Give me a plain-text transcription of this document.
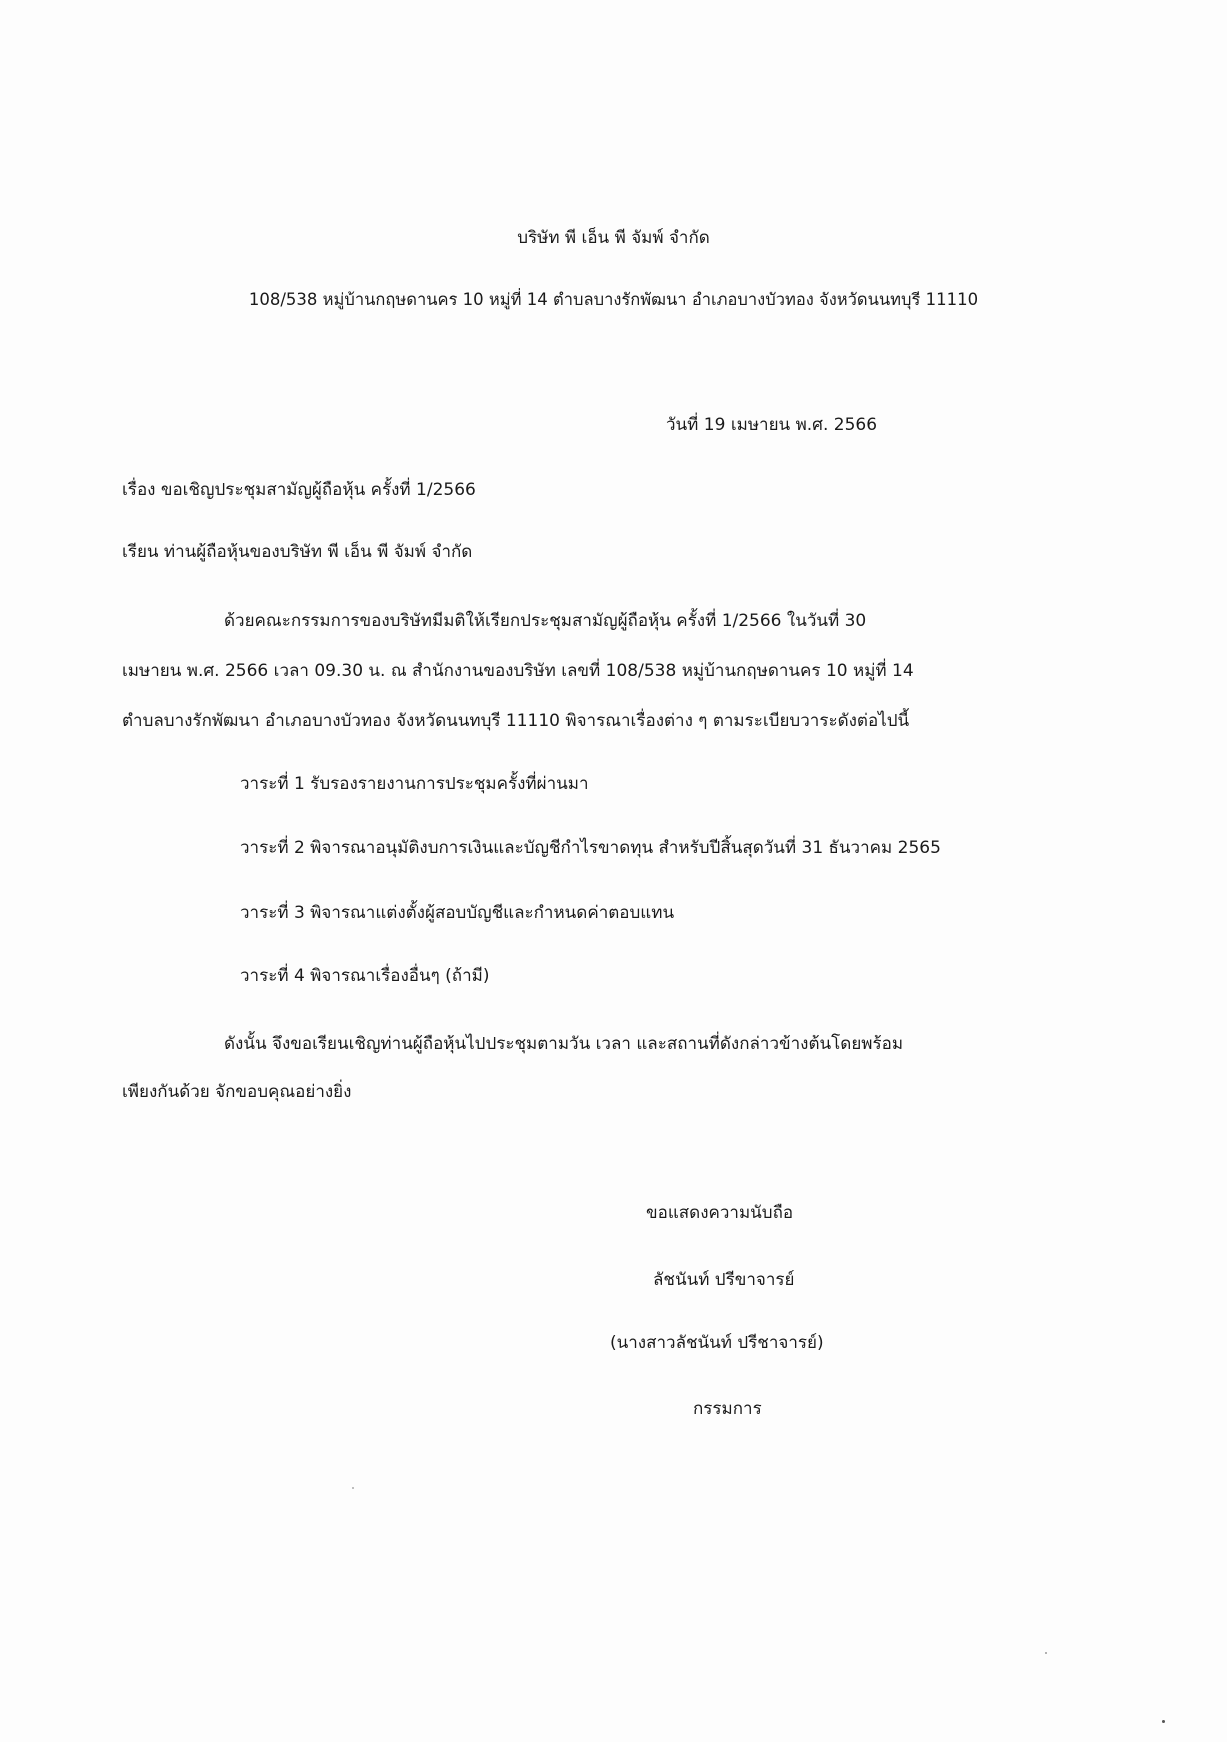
บริษัท พี เอ็น พี จัมพ์ จำกัด
108/538 หมู่บ้านกฤษดานคร 10 หมู่ที่ 14 ตำบลบางรักพัฒนา อำเภอบางบัวทอง จังหวัดนนทบุรี 11110
วันที่ 19 เมษายน พ.ศ. 2566
เรื่อง ขอเชิญประชุมสามัญผู้ถือหุ้น ครั้งที่ 1/2566
เรียน ท่านผู้ถือหุ้นของบริษัท พี เอ็น พี จัมพ์ จำกัด
ด้วยคณะกรรมการของบริษัทมีมติให้เรียกประชุมสามัญผู้ถือหุ้น ครั้งที่ 1/2566 ในวันที่ 30
เมษายน พ.ศ. 2566 เวลา 09.30 น. ณ สำนักงานของบริษัท เลขที่ 108/538 หมู่บ้านกฤษดานคร 10 หมู่ที่ 14
ตำบลบางรักพัฒนา อำเภอบางบัวทอง จังหวัดนนทบุรี 11110 พิจารณาเรื่องต่าง ๆ ตามระเบียบวาระดังต่อไปนี้
วาระที่ 1 รับรองรายงานการประชุมครั้งที่ผ่านมา
วาระที่ 2 พิจารณาอนุมัติงบการเงินและบัญชีกำไรขาดทุน สำหรับปีสิ้นสุดวันที่ 31 ธันวาคม 2565
วาระที่ 3 พิจารณาแต่งตั้งผู้สอบบัญชีและกำหนดค่าตอบแทน
วาระที่ 4 พิจารณาเรื่องอื่นๆ (ถ้ามี)
ดังนั้น จึงขอเรียนเชิญท่านผู้ถือหุ้นไปประชุมตามวัน เวลา และสถานที่ดังกล่าวข้างต้นโดยพร้อม
เพียงกันด้วย จักขอบคุณอย่างยิ่ง
ขอแสดงความนับถือ
ลัชนันท์ ปรีขาจารย์
(นางสาวลัชนันท์ ปรีชาจารย์)
กรรมการ
